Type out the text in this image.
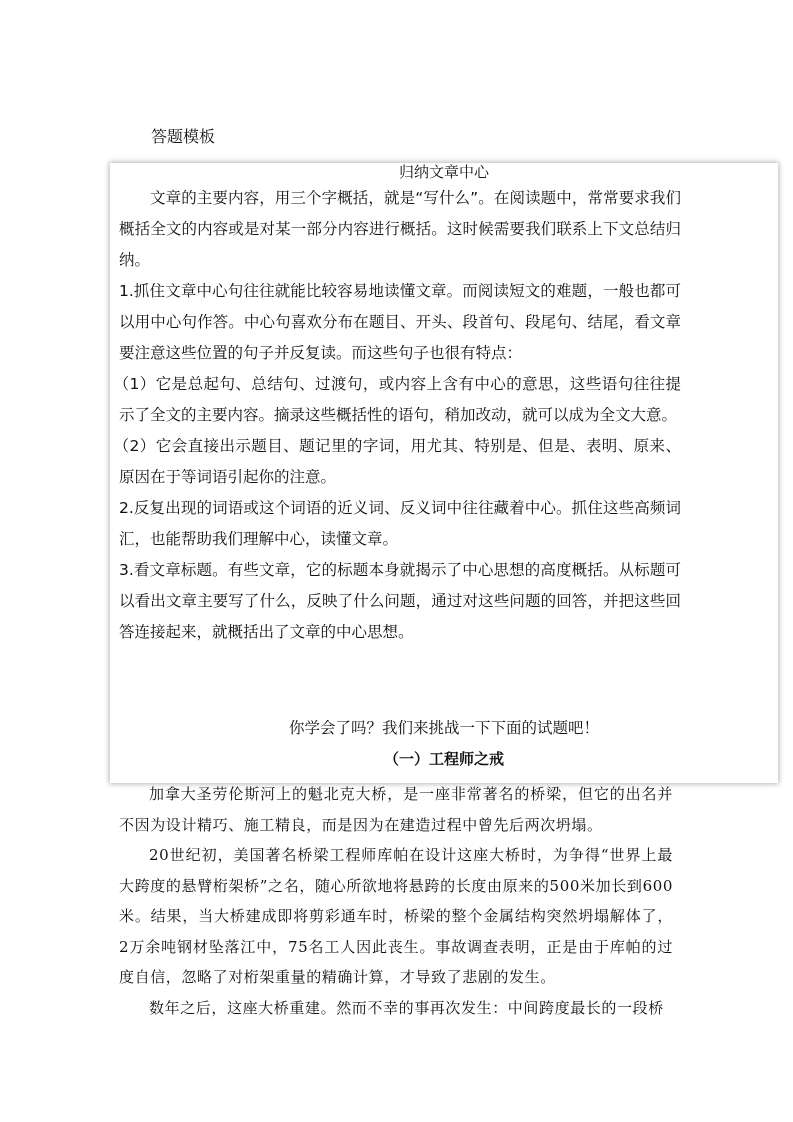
答题模板
归纳文章中心

文章的主要内容，用三个字概括，就是“写什么”。在阅读题中，常常要求我们概括全文的内容或是对某一部分内容进行概括。这时候需要我们联系上下文总结归纳。

1.抓住文章中心句往往就能比较容易地读懂文章。而阅读短文的难题，一般也都可以用中心句作答。中心句喜欢分布在题目、开头、段首句、段尾句、结尾，看文章要注意这些位置的句子并反复读。而这些句子也很有特点：

（1）它是总起句、总结句、过渡句，或内容上含有中心的意思，这些语句往往提示了全文的主要内容。摘录这些概括性的语句，稍加改动，就可以成为全文大意。

（2）它会直接出示题目、题记里的字词，用尤其、特别是、但是、表明、原来、原因在于等词语引起你的注意。

2.反复出现的词语或这个词语的近义词、反义词中往往藏着中心。抓住这些高频词汇，也能帮助我们理解中心，读懂文章。

3.看文章标题。有些文章，它的标题本身就揭示了中心思想的高度概括。从标题可以看出文章主要写了什么，反映了什么问题，通过对这些问题的回答，并把这些回答连接起来，就概括出了文章的中心思想。

你学会了吗？我们来挑战一下下面的试题吧！
（一）工程师之戒

加拿大圣劳伦斯河上的魁北克大桥，是一座非常著名的桥梁，但它的出名并不因为设计精巧、施工精良，而是因为在建造过程中曾先后两次坍塌。

20世纪初，美国著名桥梁工程师库帕在设计这座大桥时，为争得“世界上最大跨度的悬臂桁架桥”之名，随心所欲地将悬跨的长度由原来的500米加长到600米。结果，当大桥建成即将剪彩通车时，桥梁的整个金属结构突然坍塌解体了，2万余吨钢材坠落江中，75名工人因此丧生。事故调查表明，正是由于库帕的过度自信，忽略了对桁架重量的精确计算，才导致了悲剧的发生。

数年之后，这座大桥重建。然而不幸的事再次发生：中间跨度最长的一段桥
